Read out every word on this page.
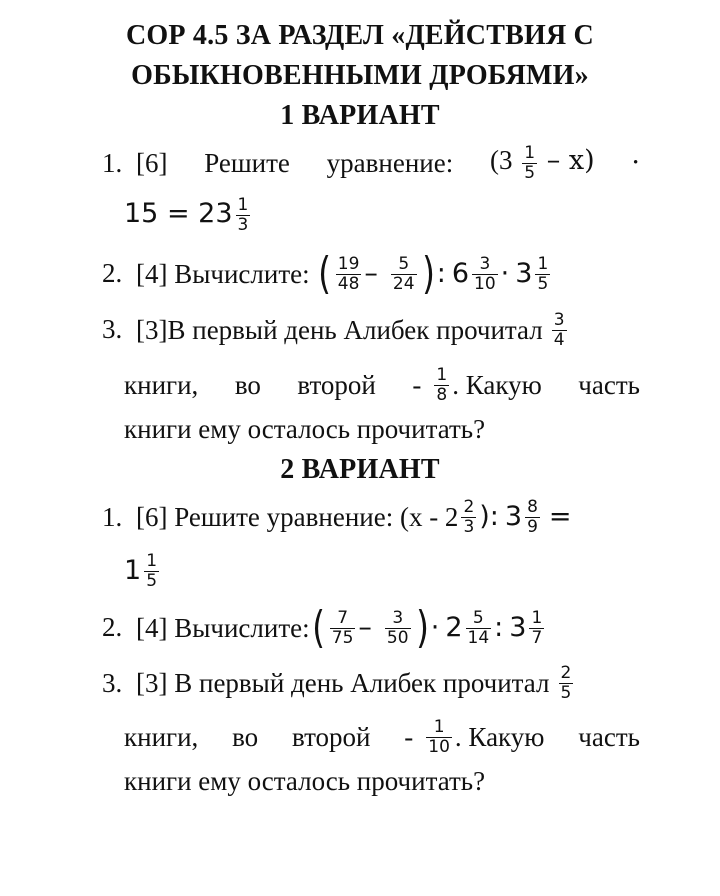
СОР 4.5 ЗА РАЗДЕЛ «ДЕЙСТВИЯ С
ОБЫКНОВЕННЫМИ ДРОБЯМИ»
1 ВАРИАНТ
1. [6] Решите уравнение: $(3 \frac{1}{5} - x)$ ·
$15 = 23 \frac{1}{3}$
2. [4] Вычислите: ( $\frac{19}{48} - \frac{5}{24}$ ) : $6 \frac{3}{10} \cdot 3 \frac{1}{5}$
3. [3]В первый день Алибек прочитал $\frac{3}{4}$
книги, во второй - $\frac{1}{8}$ . Какую часть
книги ему осталось прочитать?
2 ВАРИАНТ
1. [6] Решите уравнение: ($х - 2 \frac{2}{3}$ ): $3 \frac{8}{9}$ =
$1 \frac{1}{5}$
2. [4] Вычислите: ( $\frac{7}{75} - \frac{3}{50}$ ) · $2 \frac{5}{14}$ : $3 \frac{1}{7}$
3. [3] В первый день Алибек прочитал $\frac{2}{5}$
книги, во второй - $\frac{1}{10}$ . Какую часть
книги ему осталось прочитать?
